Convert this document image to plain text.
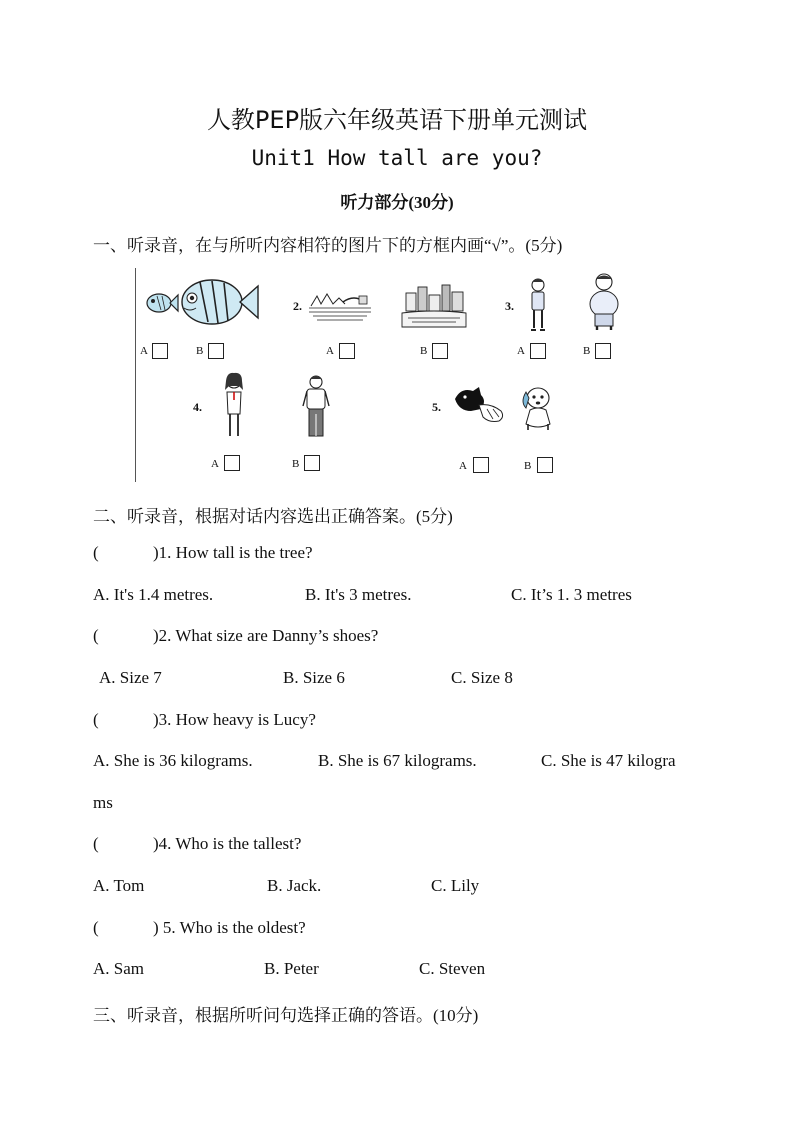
人教PEP版六年级英语下册单元测试
Unit1 How tall are you?
听力部分(30分)
一、听录音，在与所听内容相符的图片下的方框内画“√”。(5分)
A	B
2.
A	B
3.
A	B
4.
A	B
5.
A	B
二、听录音，根据对话内容选出正确答案。(5分)
(	)1. How tall is the tree?
A. It's 1.4 metres.	B. It's 3 metres.	C. It’s 1. 3 metres
(	)2. What size are Danny’s shoes?
A. Size 7	B. Size 6	C. Size 8
(	)3. How heavy is Lucy?
A. She is 36 kilograms.	B. She is 67 kilograms.	C. She is 47 kilogra
ms
(	)4. Who is the tallest?
A. Tom	B. Jack.	C. Lily
(	) 5. Who is the oldest?
A. Sam	B. Peter	C. Steven
三、听录音，根据所听问句选择正确的答语。(10分)
